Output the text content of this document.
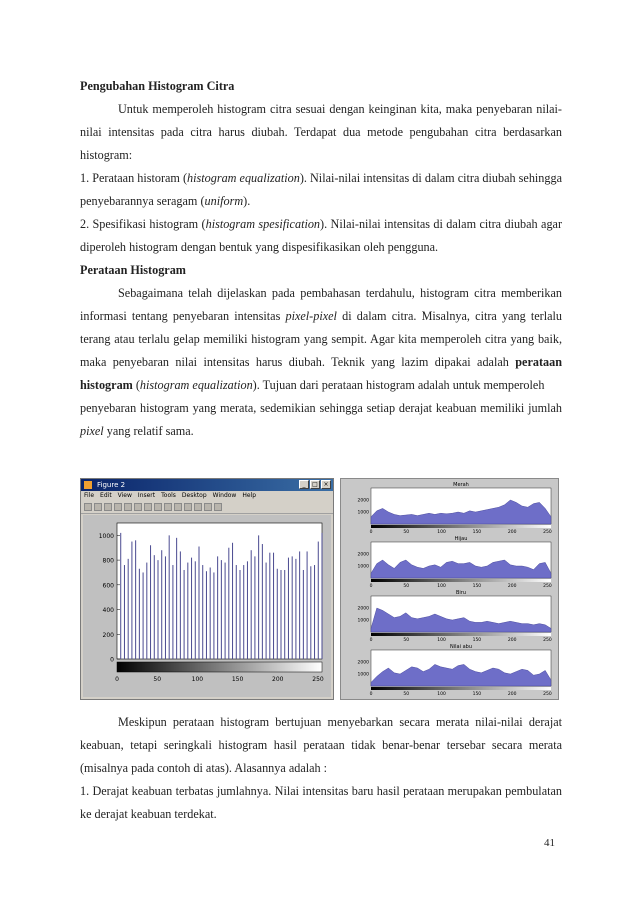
Pengubahan Histogram Citra

Untuk memperoleh histogram citra sesuai dengan keinginan kita, maka penyebaran nilai-nilai intensitas pada citra harus diubah. Terdapat dua metode pengubahan citra berdasarkan histogram:

1. Perataan historam (histogram equalization). Nilai-nilai intensitas di dalam citra diubah sehingga penyebarannya seragam (uniform).

2. Spesifikasi histogram (histogram spesification). Nilai-nilai intensitas di dalam citra diubah agar diperoleh histogram dengan bentuk yang dispesifikasikan oleh pengguna.

Perataan Histogram

Sebagaimana telah dijelaskan pada pembahasan terdahulu, histogram citra memberikan informasi tentang penyebaran intensitas pixel-pixel di dalam citra. Misalnya, citra yang terlalu terang atau terlalu gelap memiliki histogram yang sempit. Agar kita memperoleh citra yang baik, maka penyebaran nilai intensitas harus diubah. Teknik yang lazim dipakai adalah perataan histogram (histogram equalization). Tujuan dari perataan histogram adalah untuk memperoleh

penyebaran histogram yang merata, sedemikian sehingga setiap derajat keabuan memiliki jumlah pixel yang relatif sama.

Figure 2	_	□ ×
File Edit View Insert Tools Desktop Window Help
0
200
400
600
800
1000
0	50	100	150	200	250
Merah
1000
2000
0	50	100	150	200	250
Hijau
1000
2000
0	50	100	150	200	250
Biru
1000
2000
0	50	100	150	200	250
Nilai abu
1000
2000
0	50	100	150	200	250

Meskipun perataan histogram bertujuan menyebarkan secara merata nilai-nilai derajat keabuan, tetapi seringkali histogram hasil perataan tidak benar-benar tersebar secara merata (misalnya pada contoh di atas). Alasannya adalah :

1. Derajat keabuan terbatas jumlahnya. Nilai intensitas baru hasil perataan merupakan pembulatan ke derajat keabuan terdekat.

41
